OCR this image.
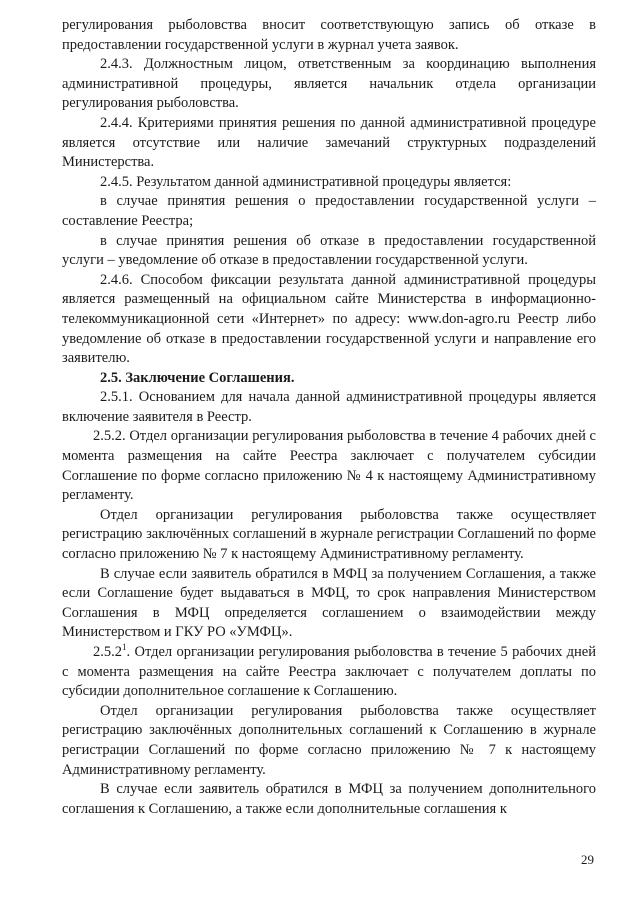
регулирования рыболовства вносит соответствующую запись об отказе в предоставлении государственной услуги в журнал учета заявок.

2.4.3. Должностным лицом, ответственным за координацию выполнения административной процедуры, является начальник отдела организации регулирования рыболовства.

2.4.4. Критериями принятия решения по данной административной процедуре является отсутствие или наличие замечаний структурных подразделений Министерства.

2.4.5. Результатом данной административной процедуры является:

в случае принятия решения о предоставлении государственной услуги – составление Реестра;

в случае принятия решения об отказе в предоставлении государственной услуги – уведомление об отказе в предоставлении государственной услуги.

2.4.6. Способом фиксации результата данной административной процедуры является размещенный на официальном сайте Министерства в информационно-телекоммуникационной сети «Интернет» по адресу: www.don-agro.ru Реестр либо уведомление об отказе в предоставлении государственной услуги и направление его заявителю.

2.5. Заключение Соглашения.

2.5.1. Основанием для начала данной административной процедуры является включение заявителя в Реестр.

2.5.2. Отдел организации регулирования рыболовства в течение 4 рабочих дней с момента размещения на сайте Реестра заключает с получателем субсидии Соглашение по форме согласно приложению № 4 к настоящему Административному регламенту.

Отдел организации регулирования рыболовства также осуществляет регистрацию заключённых соглашений в журнале регистрации Соглашений по форме согласно приложению № 7 к настоящему Административному регламенту.

В случае если заявитель обратился в МФЦ за получением Соглашения, а также если Соглашение будет выдаваться в МФЦ, то срок направления Министерством Соглашения в МФЦ определяется соглашением о взаимодействии между Министерством и ГКУ РО «УМФЦ».

2.5.2$^1$. Отдел организации регулирования рыболовства в течение 5 рабочих дней с момента размещения на сайте Реестра заключает с получателем доплаты по субсидии дополнительное соглашение к Соглашению.

Отдел организации регулирования рыболовства также осуществляет регистрацию заключённых дополнительных соглашений к Соглашению в журнале регистрации Соглашений по форме согласно приложению № 7 к настоящему Административному регламенту.

В случае если заявитель обратился в МФЦ за получением дополнительного соглашения к Соглашению, а также если дополнительные соглашения к

29
